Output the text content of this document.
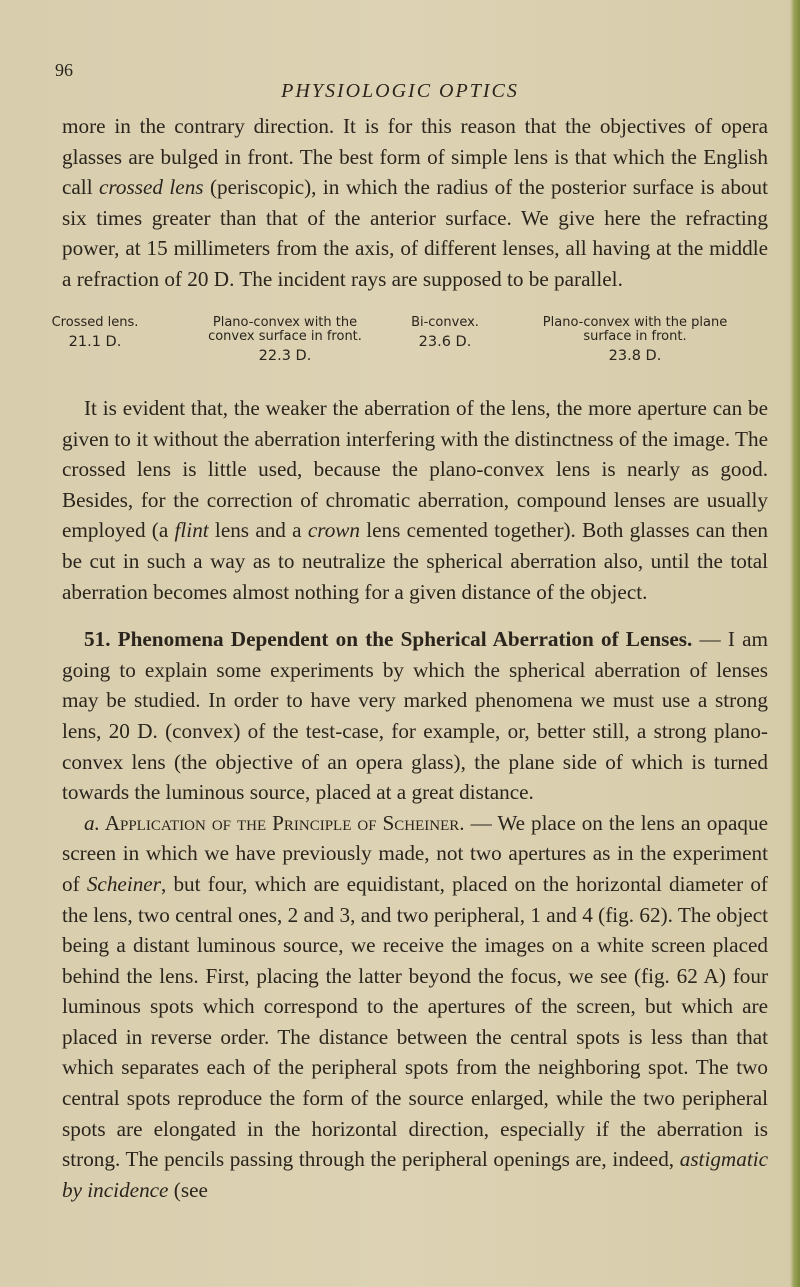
96
PHYSIOLOGIC OPTICS

more in the contrary direction. It is for this reason that the objectives of opera glasses are bulged in front. The best form of simple lens is that which the English call crossed lens (periscopic), in which the radius of the posterior surface is about six times greater than that of the anterior surface. We give here the refracting power, at 15 millimeters from the axis, of different lenses, all having at the middle a refraction of 20 D. The incident rays are supposed to be parallel.

Crossed lens.
21.1 D.
Plano-convex with the convex surface in front.
22.3 D.
Bi-convex.
23.6 D.
Plano-convex with the plane surface in front.
23.8 D.

It is evident that, the weaker the aberration of the lens, the more aperture can be given to it without the aberration interfering with the distinctness of the image. The crossed lens is little used, because the plano-convex lens is nearly as good. Besides, for the correction of chromatic aberration, compound lenses are usually employed (a flint lens and a crown lens cemented together). Both glasses can then be cut in such a way as to neutralize the spherical aberration also, until the total aberration becomes almost nothing for a given distance of the object.

51. Phenomena Dependent on the Spherical Aberration of Lenses. — I am going to explain some experiments by which the spherical aberration of lenses may be studied. In order to have very marked phenomena we must use a strong lens, 20 D. (convex) of the test-case, for example, or, better still, a strong plano-convex lens (the objective of an opera glass), the plane side of which is turned towards the luminous source, placed at a great distance.

a. Application of the Principle of Scheiner. — We place on the lens an opaque screen in which we have previously made, not two apertures as in the experiment of Scheiner, but four, which are equidistant, placed on the horizontal diameter of the lens, two central ones, 2 and 3, and two peripheral, 1 and 4 (fig. 62). The object being a distant luminous source, we receive the images on a white screen placed behind the lens. First, placing the latter beyond the focus, we see (fig. 62 A) four luminous spots which correspond to the apertures of the screen, but which are placed in reverse order. The distance between the central spots is less than that which separates each of the peripheral spots from the neighboring spot. The two central spots reproduce the form of the source enlarged, while the two peripheral spots are elongated in the horizontal direction, especially if the aberration is strong. The pencils passing through the peripheral openings are, indeed, astigmatic by incidence (see
